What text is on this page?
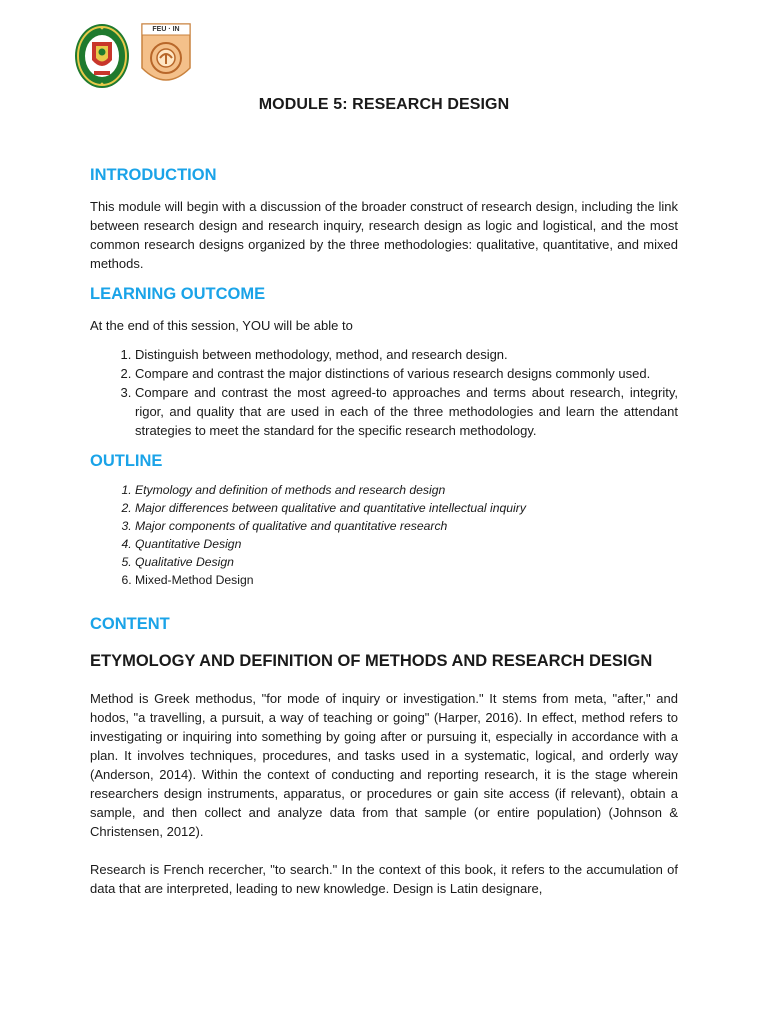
FEU · IN
MODULE 5: RESEARCH DESIGN
INTRODUCTION

This module will begin with a discussion of the broader construct of research design, including the link between research design and research inquiry, research design as logic and logistical, and the most common research designs organized by the three methodologies: qualitative, quantitative, and mixed methods.

LEARNING OUTCOME

At the end of this session, YOU will be able to

1. Distinguish between methodology, method, and research design.
2. Compare and contrast the major distinctions of various research designs commonly used.
3. Compare and contrast the most agreed-to approaches and terms about research, integrity, rigor, and quality that are used in each of the three methodologies and learn the attendant strategies to meet the standard for the specific research methodology.
OUTLINE
1. Etymology and definition of methods and research design
2. Major differences between qualitative and quantitative intellectual inquiry
3. Major components of qualitative and quantitative research
4. Quantitative Design
5. Qualitative Design
6. Mixed-Method Design
CONTENT
ETYMOLOGY AND DEFINITION OF METHODS AND RESEARCH DESIGN

Method is Greek methodus, "for mode of inquiry or investigation." It stems from meta, "after," and hodos, "a travelling, a pursuit, a way of teaching or going" (Harper, 2016). In effect, method refers to investigating or inquiring into something by going after or pursuing it, especially in accordance with a plan. It involves techniques, procedures, and tasks used in a systematic, logical, and orderly way (Anderson, 2014). Within the context of conducting and reporting research, it is the stage wherein researchers design instruments, apparatus, or procedures or gain site access (if relevant), obtain a sample, and then collect and analyze data from that sample (or entire population) (Johnson & Christensen, 2012).

Research is French recercher, "to search." In the context of this book, it refers to the accumulation of data that are interpreted, leading to new knowledge. Design is Latin designare,
